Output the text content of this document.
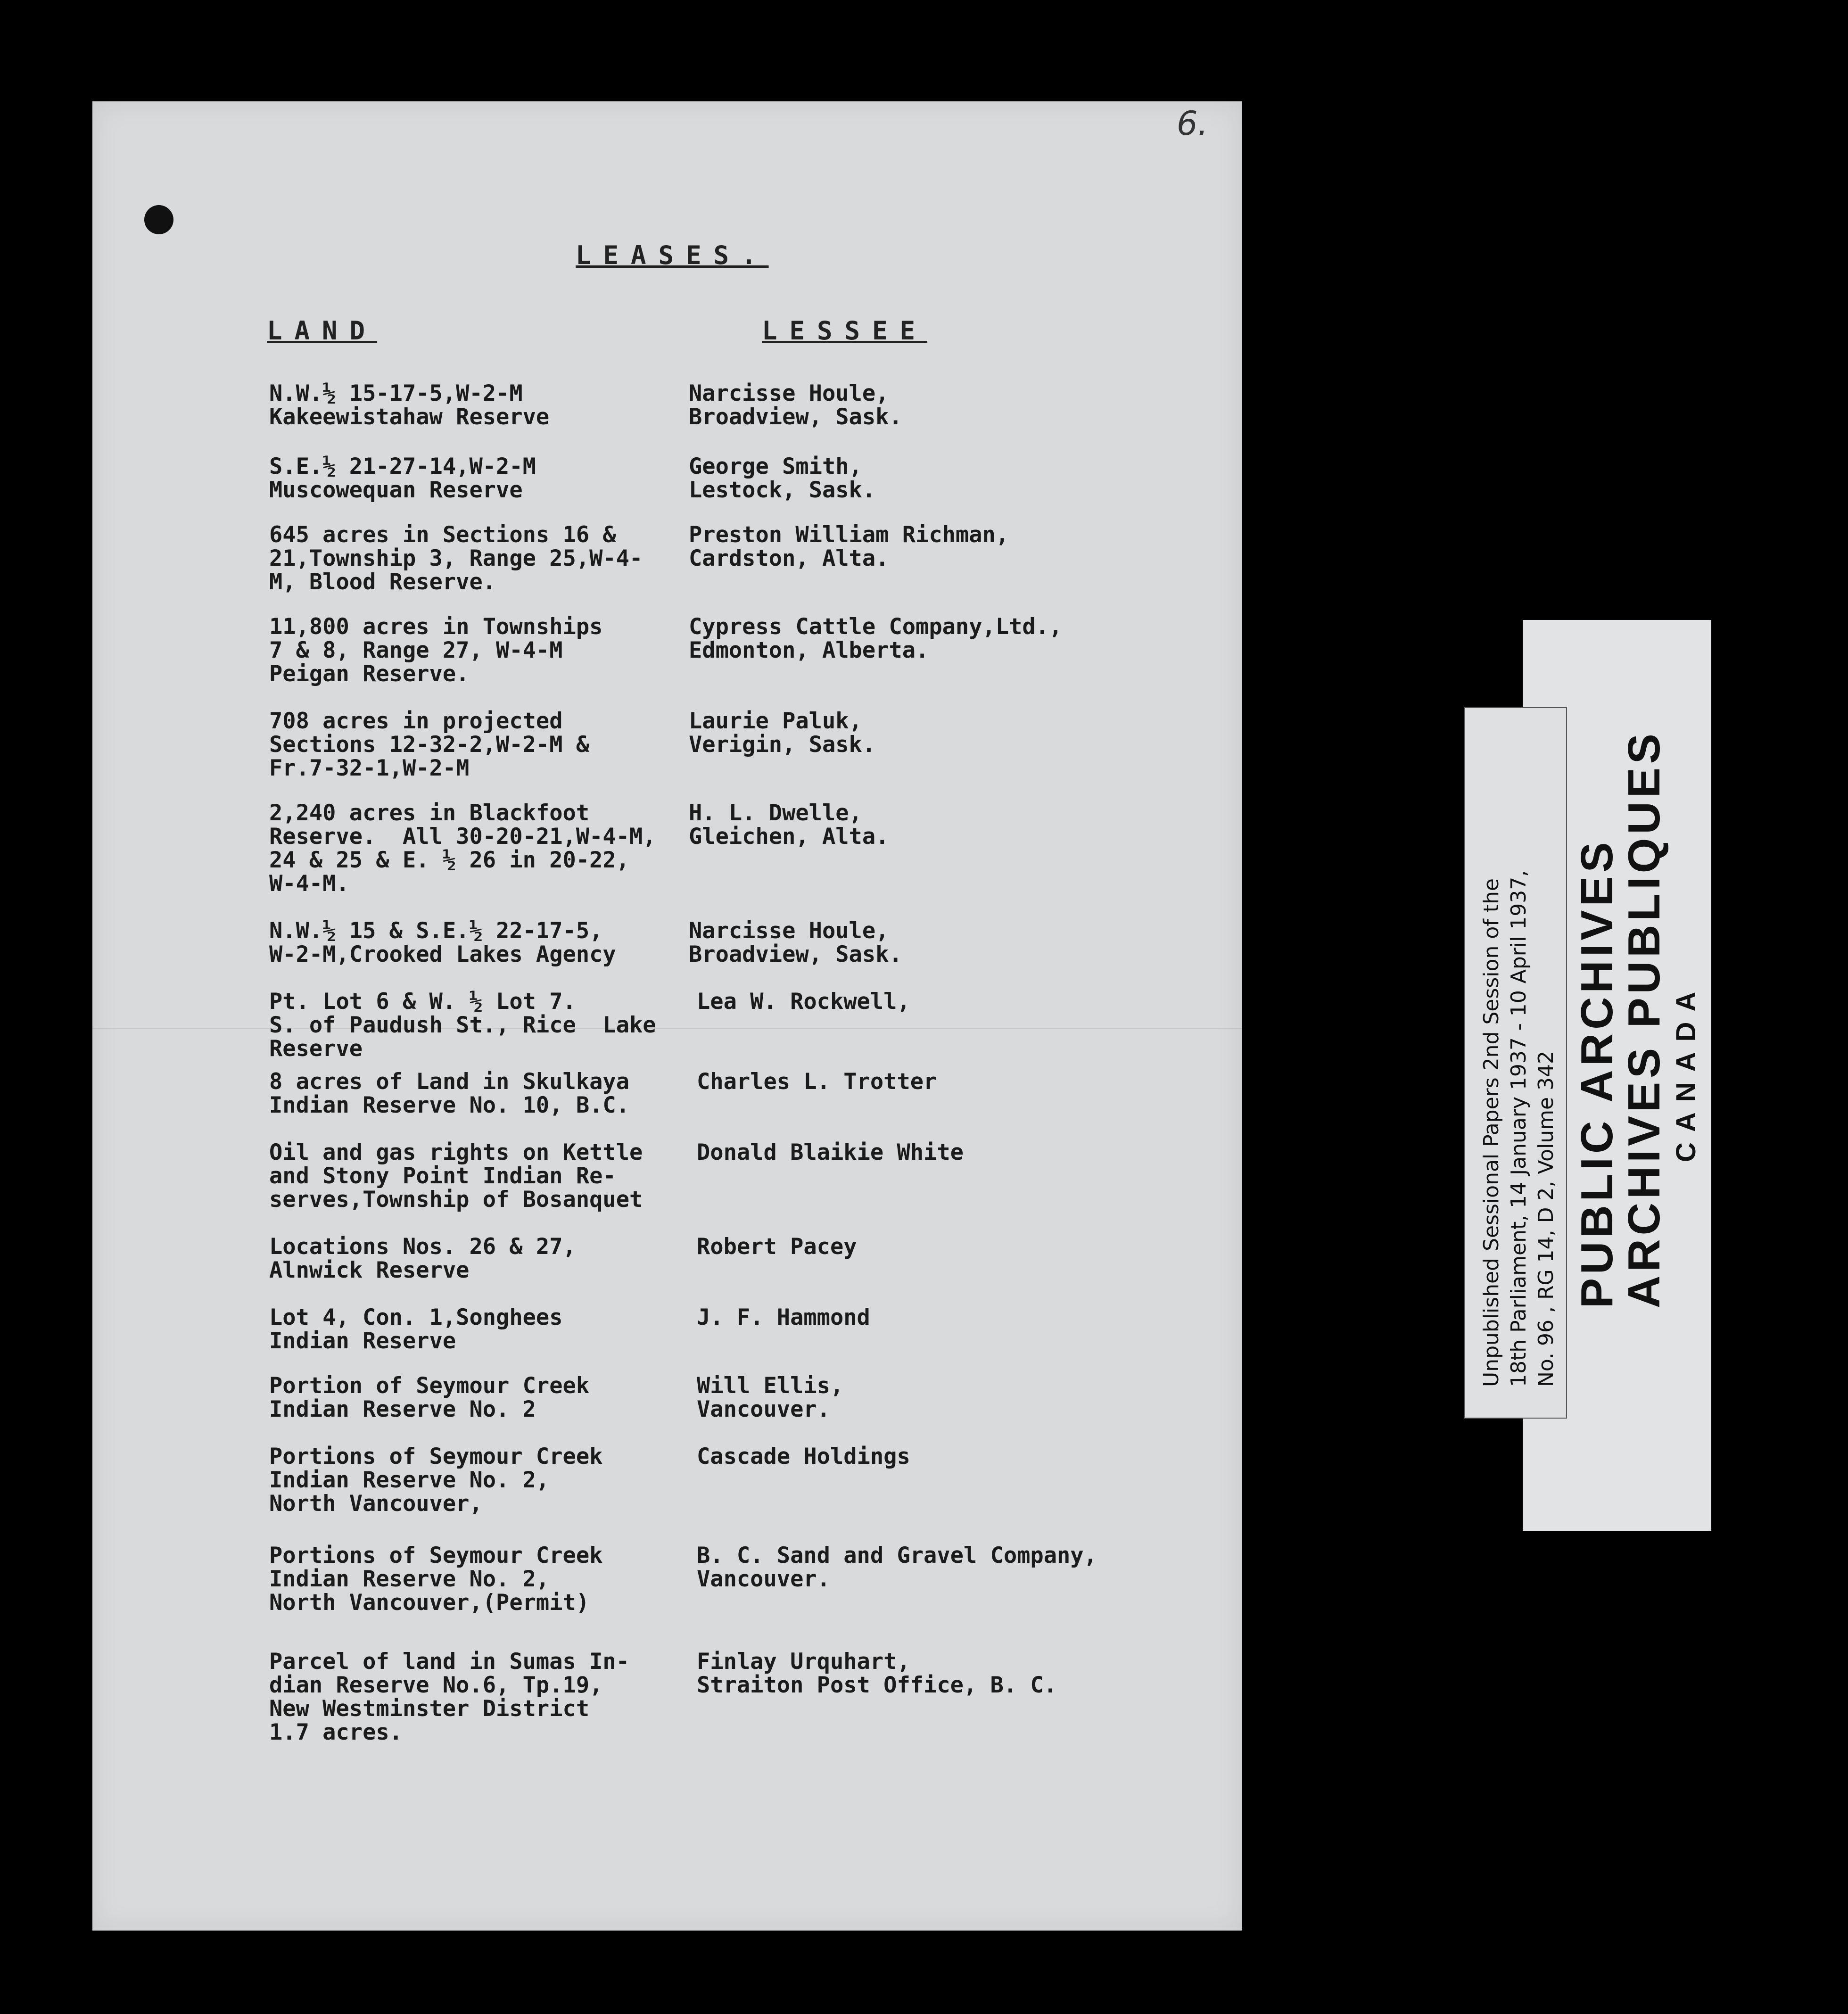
6.
LEASES.
LAND	LESSEE
N.W.½ 15-17-5,W-2-M
Kakeewistahaw Reserve
Narcisse Houle,
Broadview, Sask.
S.E.½ 21-27-14,W-2-M
Muscowequan Reserve
George Smith,
Lestock, Sask.
645 acres in Sections 16 &
21,Township 3, Range 25,W-4-
M, Blood Reserve.
Preston William Richman,
Cardston, Alta.
11,800 acres in Townships
7 & 8, Range 27, W-4-M
Peigan Reserve.
Cypress Cattle Company,Ltd.,
Edmonton, Alberta.
708 acres in projected
Sections 12-32-2,W-2-M &
Fr.7-32-1,W-2-M
Laurie Paluk,
Verigin, Sask.
2,240 acres in Blackfoot
Reserve.  All 30-20-21,W-4-M,
24 & 25 & E. ½ 26 in 20-22,
W-4-M.
H. L. Dwelle,
Gleichen, Alta.
N.W.½ 15 & S.E.½ 22-17-5,
W-2-M,Crooked Lakes Agency
Narcisse Houle,
Broadview, Sask.
Pt. Lot 6 & W. ½ Lot 7.
S. of Paudush St., Rice  Lake
Reserve
Lea W. Rockwell,
8 acres of Land in Skulkaya
Indian Reserve No. 10, B.C.
Charles L. Trotter
Oil and gas rights on Kettle
and Stony Point Indian Re-
serves,Township of Bosanquet
Donald Blaikie White
Locations Nos. 26 & 27,
Alnwick Reserve
Robert Pacey
Lot 4, Con. 1,Songhees
Indian Reserve
J. F. Hammond
Portion of Seymour Creek
Indian Reserve No. 2
Will Ellis,
Vancouver.
Portions of Seymour Creek
Indian Reserve No. 2,
North Vancouver,
Cascade Holdings
Portions of Seymour Creek
Indian Reserve No. 2,
North Vancouver,(Permit)
B. C. Sand and Gravel Company,
Vancouver.
Parcel of land in Sumas In-
dian Reserve No.6, Tp.19,
New Westminster District
1.7 acres.
Finlay Urquhart,
Straiton Post Office, B. C.
PUBLIC ARCHIVES
ARCHIVES PUBLIQUES CANADA
Unpublished Sessional Papers 2nd Session of the 18th Parliament, 14 January 1937 - 10 April 1937, No. 96 , RG 14, D 2, Volume 342
